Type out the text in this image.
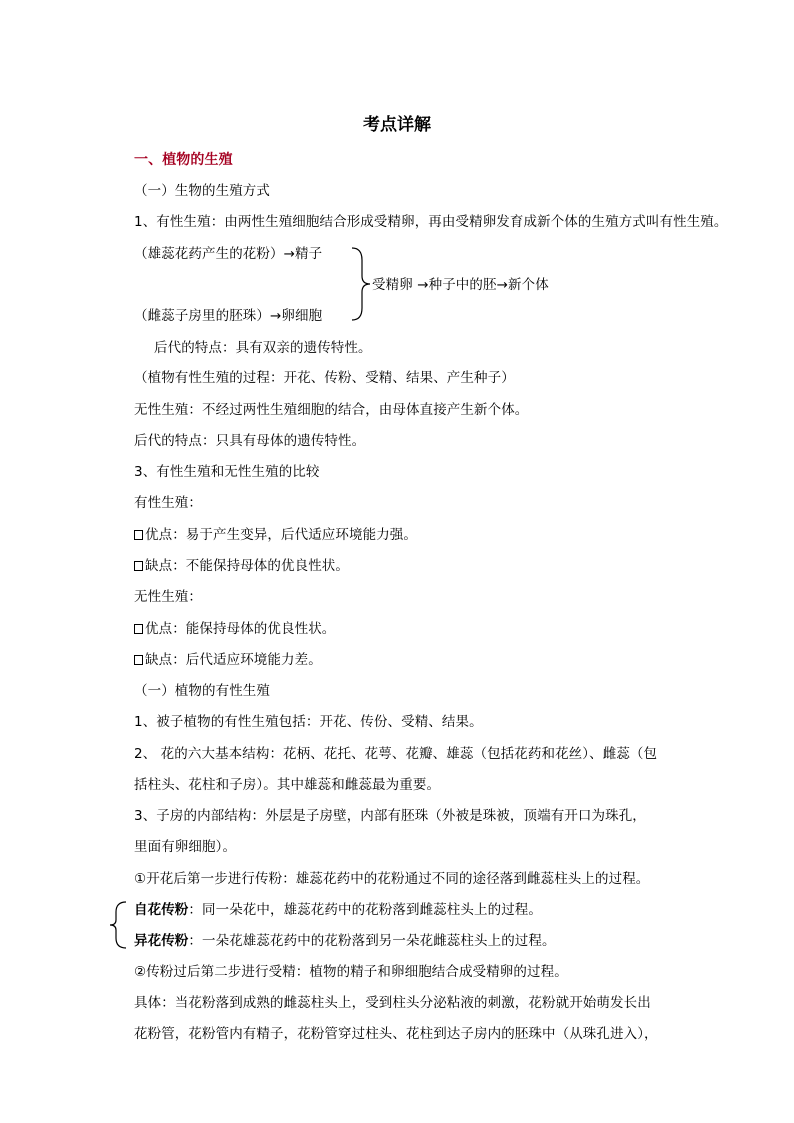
考点详解
一、植物的生殖
（一）生物的生殖方式
1、有性生殖：由两性生殖细胞结合形成受精卵，再由受精卵发育成新个体的生殖方式叫有性生殖。
（雄蕊花药产生的花粉）→精子
（雌蕊子房里的胚珠）→卵细胞
受精卵 →种子中的胚→新个体
后代的特点：具有双亲的遗传特性。
（植物有性生殖的过程：开花、传粉、受精、结果、产生种子）
无性生殖：不经过两性生殖细胞的结合，由母体直接产生新个体。
后代的特点：只具有母体的遗传特性。
3、有性生殖和无性生殖的比较
有性生殖：
优点：易于产生变异，后代适应环境能力强。
缺点：不能保持母体的优良性状。
无性生殖：
优点：能保持母体的优良性状。
缺点：后代适应环境能力差。
（一）植物的有性生殖
1、被子植物的有性生殖包括：开花、传份、受精、结果。
2、 花的六大基本结构：花柄、花托、花萼、花瓣、雄蕊（包括花药和花丝）、雌蕊（包
括柱头、花柱和子房）。其中雄蕊和雌蕊最为重要。
3、子房的内部结构：外层是子房壁，内部有胚珠（外被是珠被，顶端有开口为珠孔，
里面有卵细胞）。
①开花后第一步进行传粉：雄蕊花药中的花粉通过不同的途径落到雌蕊柱头上的过程。
自花传粉：同一朵花中，雄蕊花药中的花粉落到雌蕊柱头上的过程。
异花传粉：一朵花雄蕊花药中的花粉落到另一朵花雌蕊柱头上的过程。
②传粉过后第二步进行受精：植物的精子和卵细胞结合成受精卵的过程。
具体：当花粉落到成熟的雌蕊柱头上，受到柱头分泌粘液的刺激，花粉就开始萌发长出
花粉管，花粉管内有精子，花粉管穿过柱头、花柱到达子房内的胚珠中（从珠孔进入），
